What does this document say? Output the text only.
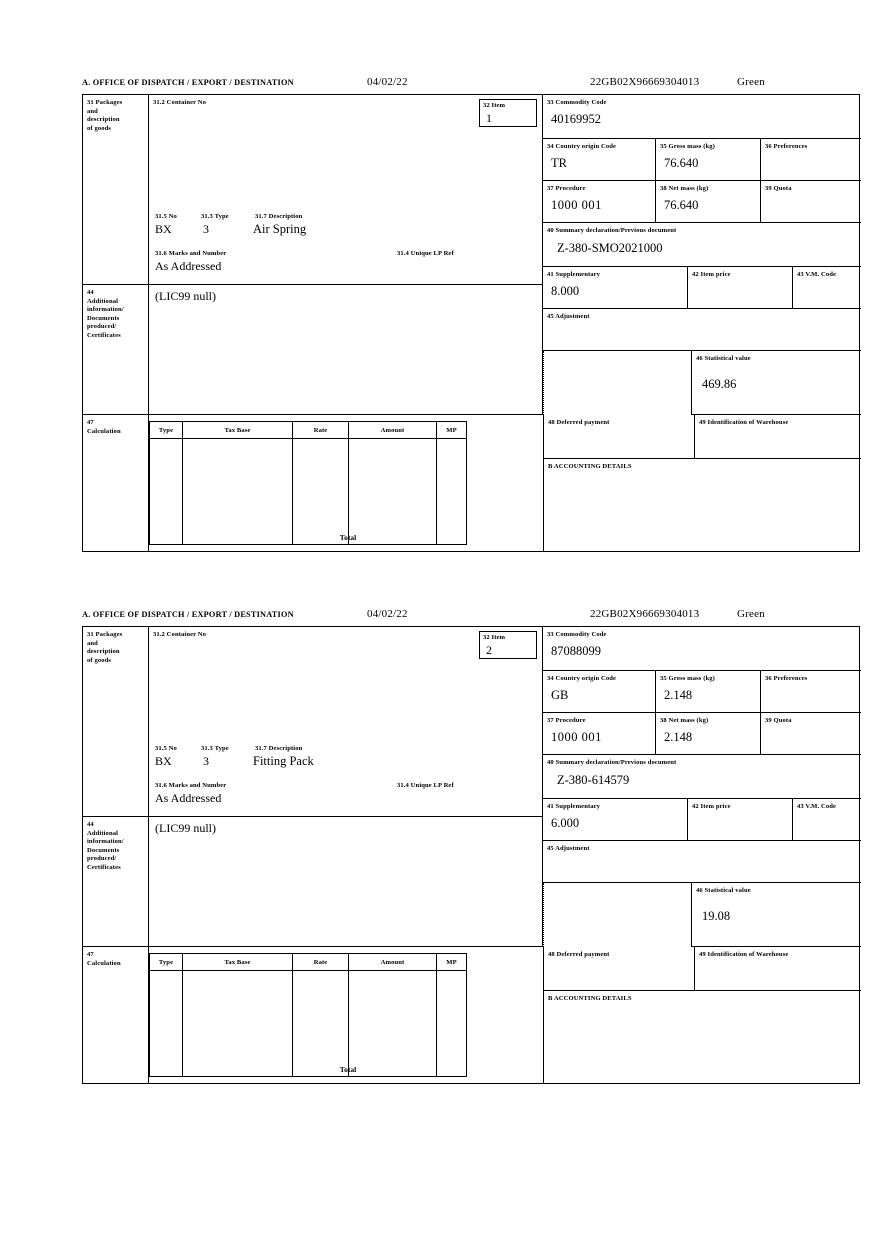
A. OFFICE OF DISPATCH / EXPORT / DESTINATION	04/02/22	22GB02X96669304013	Green
31 Packages
and
description
of goods
31.2 Container No
31.5 No	31.3 Type	31.7 Description
BX	3	Air Spring
31.6 Marks and Number	31.4 Unique LP Ref
As Addressed
32 Item
1
33 Commodity Code
40169952
34 Country origin Code
TR
35 Gross mass (kg)
76.640
36 Preferences
37 Procedure
1000 001
38 Net mass (kg)
76.640
39 Quota
40 Summary declaration/Previous document
Z-380-SMO2021000
41 Supplementary
8.000
42 Item price	43 V.M. Code
44
Additional
information/
Documents
produced/
Certificates
(LIC99 null)
45 Adjustment
46 Statistical value
469.86
47
Calculation	Type	Tax Base	Rate	Amount	MP
Total
48 Deferred payment	49 Identification of Warehouse
B ACCOUNTING DETAILS
A. OFFICE OF DISPATCH / EXPORT / DESTINATION	04/02/22	22GB02X96669304013	Green
31 Packages
and
description
of goods
31.2 Container No
31.5 No	31.3 Type	31.7 Description
BX	3	Fitting Pack
31.6 Marks and Number	31.4 Unique LP Ref
As Addressed
32 Item
2
33 Commodity Code
87088099
34 Country origin Code
GB
35 Gross mass (kg)
2.148
36 Preferences
37 Procedure
1000 001
38 Net mass (kg)
2.148
39 Quota
40 Summary declaration/Previous document
Z-380-614579
41 Supplementary
6.000
42 Item price	43 V.M. Code
44
Additional
information/
Documents
produced/
Certificates
(LIC99 null)
45 Adjustment
46 Statistical value
19.08
47
Calculation	Type	Tax Base	Rate	Amount	MP
Total
48 Deferred payment	49 Identification of Warehouse
B ACCOUNTING DETAILS
